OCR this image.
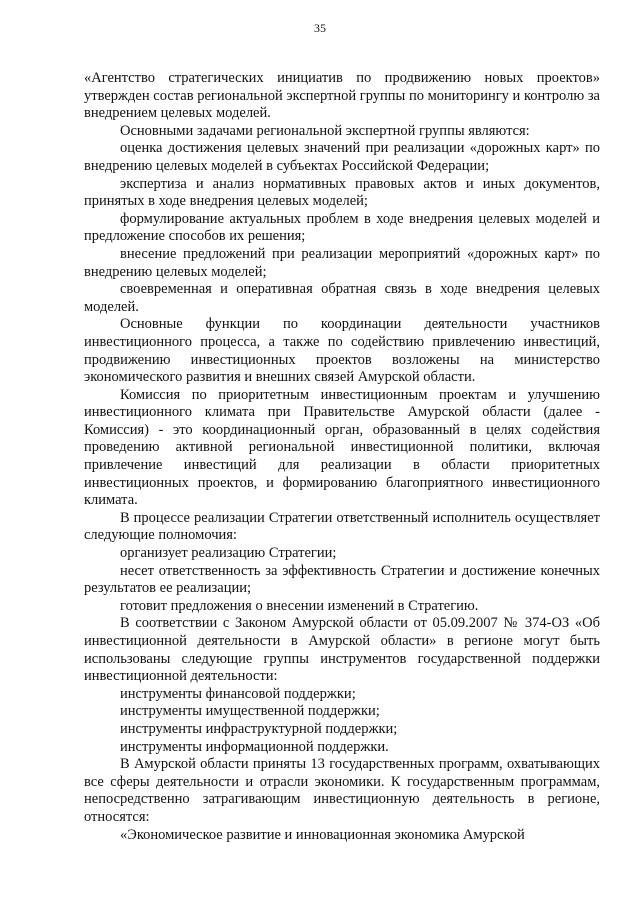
35

«Агентство стратегических инициатив по продвижению новых проектов» утвержден состав региональной экспертной группы по мониторингу и контролю за внедрением целевых моделей.

Основными задачами региональной экспертной группы являются:

оценка достижения целевых значений при реализации «дорожных карт» по внедрению целевых моделей в субъектах Российской Федерации;

экспертиза и анализ нормативных правовых актов и иных документов, принятых в ходе внедрения целевых моделей;

формулирование актуальных проблем в ходе внедрения целевых моделей и предложение способов их решения;

внесение предложений при реализации мероприятий «дорожных карт» по внедрению целевых моделей;

своевременная и оперативная обратная связь в ходе внедрения целевых моделей.

Основные функции по координации деятельности участников инвестиционного процесса, а также по содействию привлечению инвестиций, продвижению инвестиционных проектов возложены на министерство экономического развития и внешних связей Амурской области.

Комиссия по приоритетным инвестиционным проектам и улучшению инвестиционного климата при Правительстве Амурской области (далее - Комиссия) - это координационный орган, образованный в целях содействия проведению активной региональной инвестиционной политики, включая привлечение инвестиций для реализации в области приоритетных инвестиционных проектов, и формированию благоприятного инвестиционного климата.

В процессе реализации Стратегии ответственный исполнитель осуществляет следующие полномочия:

организует реализацию Стратегии;

несет ответственность за эффективность Стратегии и достижение конечных результатов ее реализации;

готовит предложения о внесении изменений в Стратегию.

В соответствии с Законом Амурской области от 05.09.2007 № 374-ОЗ «Об инвестиционной деятельности в Амурской области» в регионе могут быть использованы следующие группы инструментов государственной поддержки инвестиционной деятельности:

инструменты финансовой поддержки;

инструменты имущественной поддержки;

инструменты инфраструктурной поддержки;

инструменты информационной поддержки.

В Амурской области приняты 13 государственных программ, охватывающих все сферы деятельности и отрасли экономики. К государственным программам, непосредственно затрагивающим инвестиционную деятельность в регионе, относятся:

«Экономическое развитие и инновационная экономика Амурской
